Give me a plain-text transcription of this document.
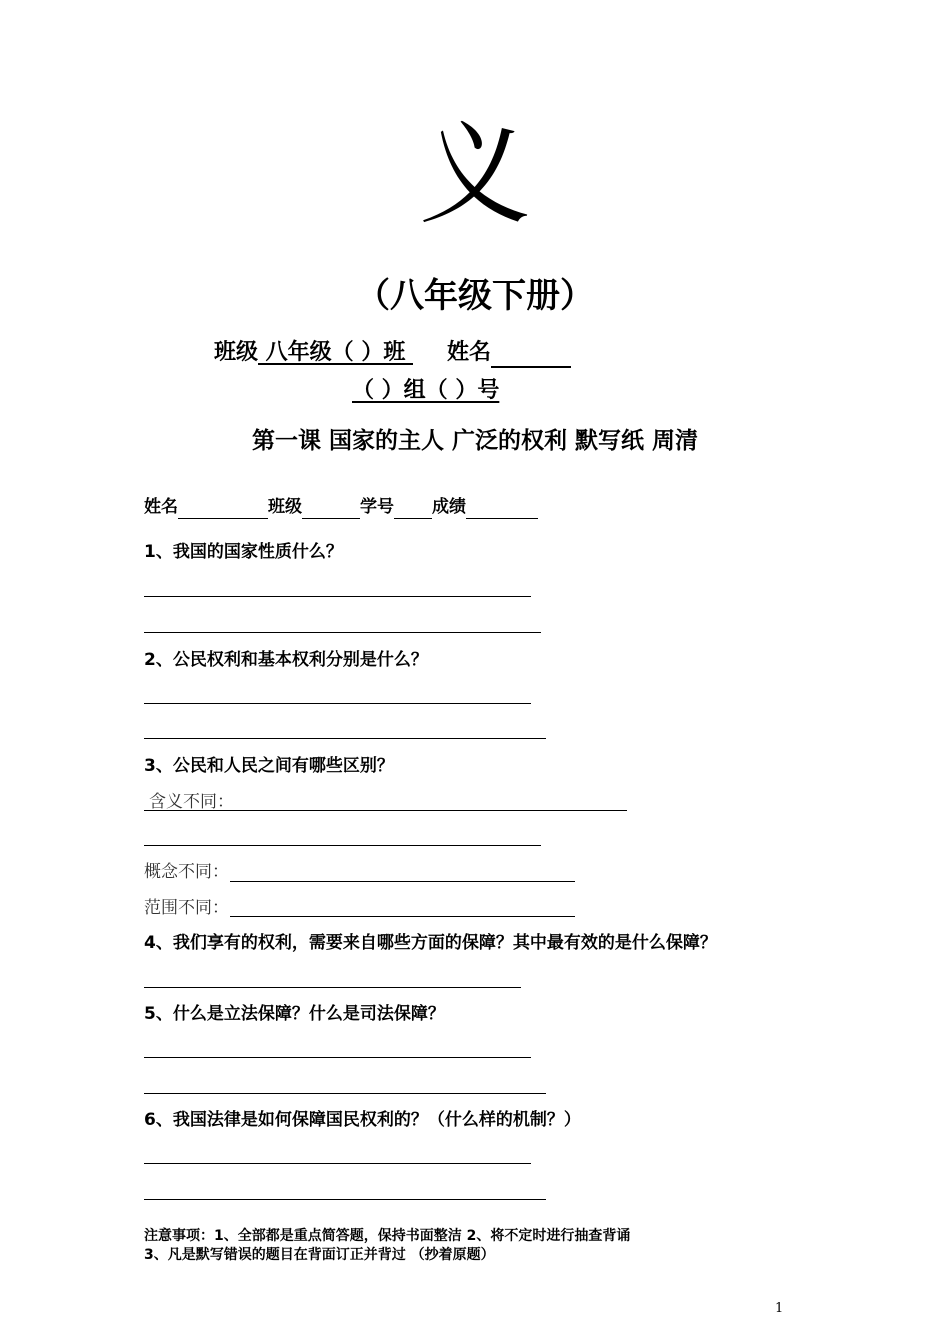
义
（八年级下册）
班级 八年级（ ）班 姓名
（ ）组（ ）号
第一课 国家的主人 广泛的权利 默写纸 周清
姓名	班级	学号 成绩
1、我国的国家性质什么？
2、公民权利和基本权利分别是什么？
3、公民和人民之间有哪些区别？
含义不同：
概念不同：
范围不同：
4、我们享有的权利，需要来自哪些方面的保障？其中最有效的是什么保障？
5、什么是立法保障？什么是司法保障？
6、我国法律是如何保障国民权利的？（什么样的机制？）
注意事项：1、全部都是重点简答题，保持书面整洁 2、将不定时进行抽查背诵
3、凡是默写错误的题目在背面订正并背过 （抄着原题）
1
